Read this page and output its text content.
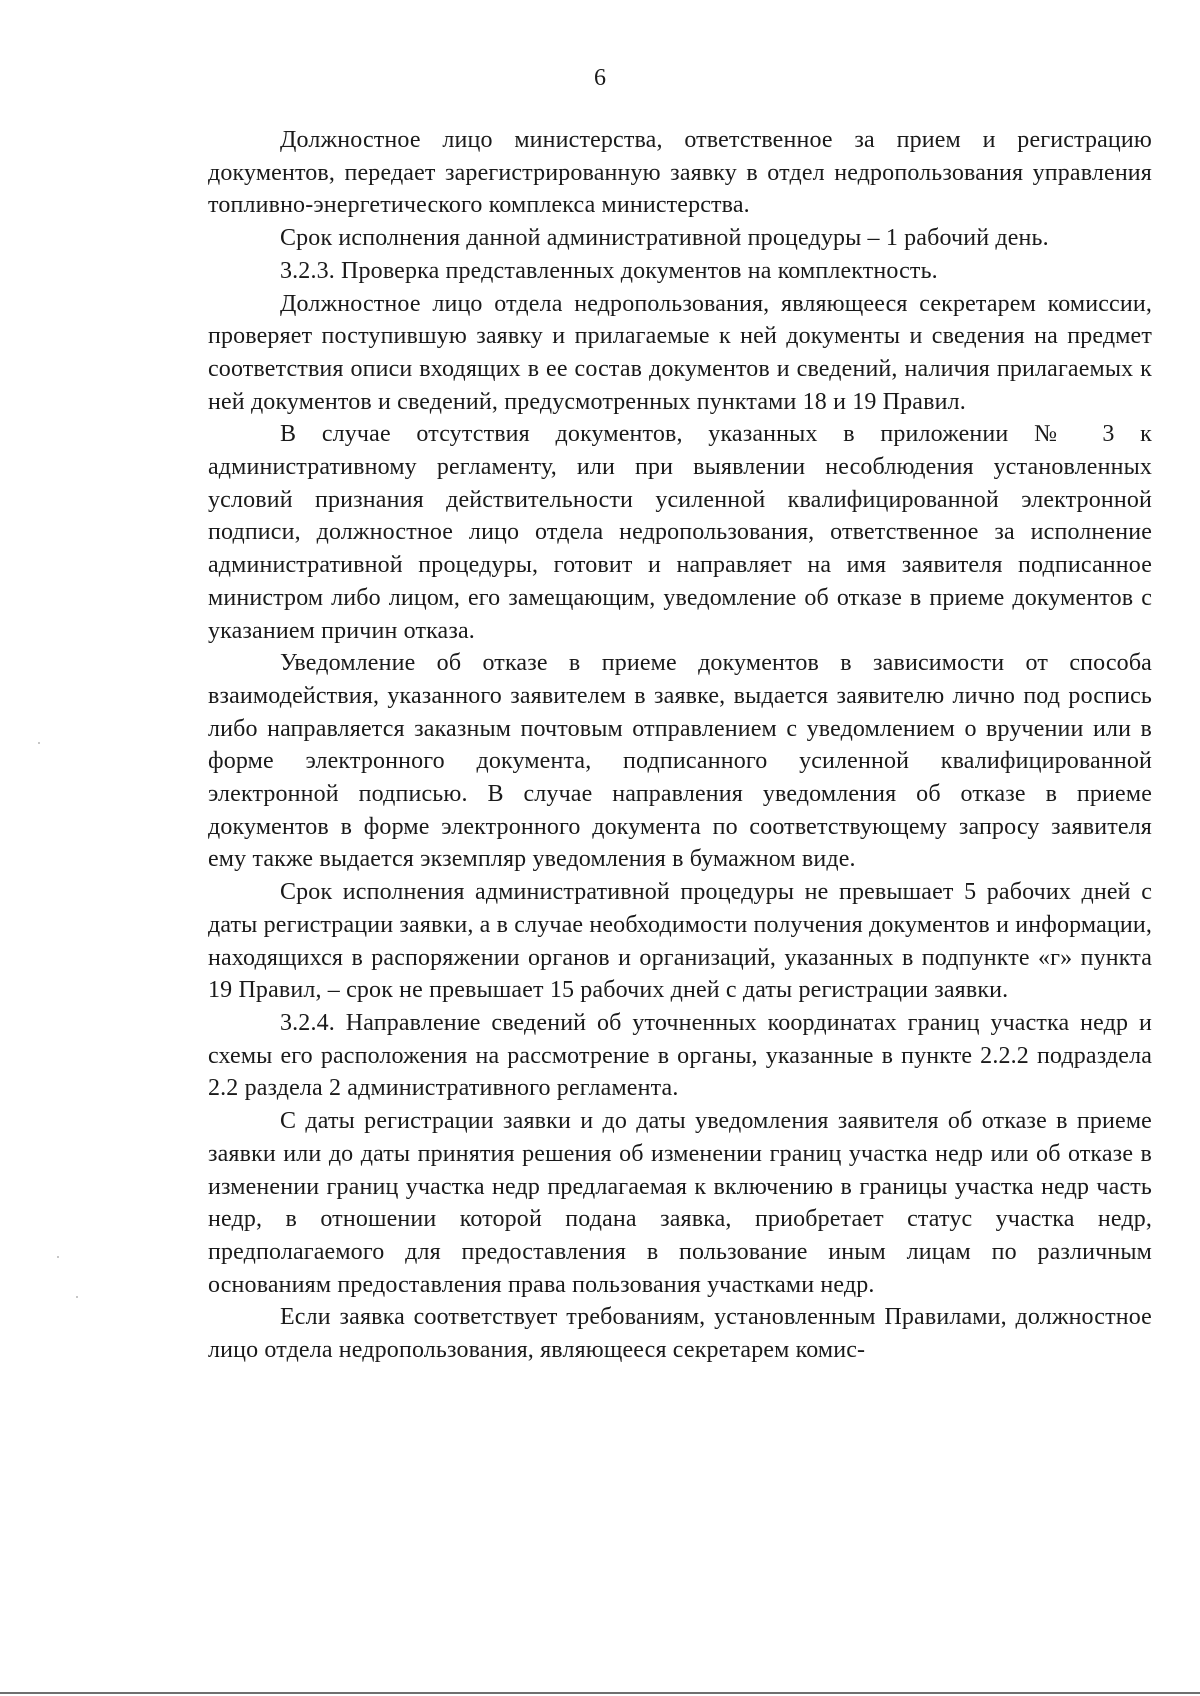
6

Должностное лицо министерства, ответственное за прием и регистрацию документов, передает зарегистрированную заявку в отдел недропользования управления топливно-энергетического комплекса министерства.

Срок исполнения данной административной процедуры – 1 рабочий день.

3.2.3. Проверка представленных документов на комплектность.

Должностное лицо отдела недропользования, являющееся секретарем комиссии, проверяет поступившую заявку и прилагаемые к ней документы и сведения на предмет соответствия описи входящих в ее состав документов и сведений, наличия прилагаемых к ней документов и сведений, предусмотренных пунктами 18 и 19 Правил.

В случае отсутствия документов, указанных в приложении № 3 к административному регламенту, или при выявлении несоблюдения установленных условий признания действительности усиленной квалифицированной электронной подписи, должностное лицо отдела недропользования, ответственное за исполнение административной процедуры, готовит и направляет на имя заявителя подписанное министром либо лицом, его замещающим, уведомление об отказе в приеме документов с указанием причин отказа.

Уведомление об отказе в приеме документов в зависимости от способа взаимодействия, указанного заявителем в заявке, выдается заявителю лично под роспись либо направляется заказным почтовым отправлением с уведомлением о вручении или в форме электронного документа, подписанного усиленной квалифицированной электронной подписью. В случае направления уведомления об отказе в приеме документов в форме электронного документа по соответствующему запросу заявителя ему также выдается экземпляр уведомления в бумажном виде.

Срок исполнения административной процедуры не превышает 5 рабочих дней с даты регистрации заявки, а в случае необходимости получения документов и информации, находящихся в распоряжении органов и организаций, указанных в подпункте «г» пункта 19 Правил, – срок не превышает 15 рабочих дней с даты регистрации заявки.

3.2.4. Направление сведений об уточненных координатах границ участка недр и схемы его расположения на рассмотрение в органы, указанные в пункте 2.2.2 подраздела 2.2 раздела 2 административного регламента.

С даты регистрации заявки и до даты уведомления заявителя об отказе в приеме заявки или до даты принятия решения об изменении границ участка недр или об отказе в изменении границ участка недр предлагаемая к включению в границы участка недр часть недр, в отношении которой подана заявка, приобретает статус участка недр, предполагаемого для предоставления в пользование иным лицам по различным основаниям предоставления права пользования участками недр.

Если заявка соответствует требованиям, установленным Правилами, должностное лицо отдела недропользования, являющееся секретарем комис-
